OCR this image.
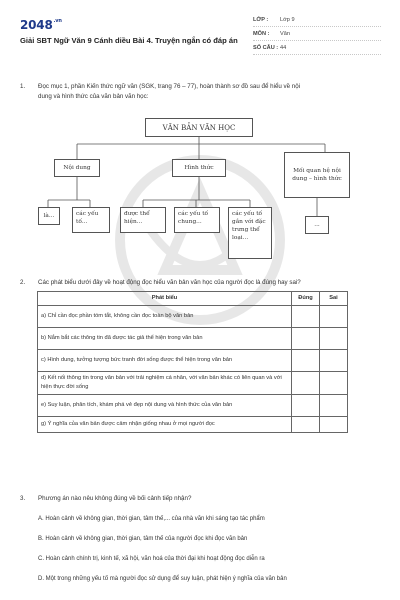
$2048^{.vn}$
Giải SBT Ngữ Văn 9 Cánh diều Bài 4. Truyện ngắn có đáp án
LỚP :	Lớp 9
MÔN :	Văn
SỐ CÂU : 44
1. Đọc mục 1, phần Kiến thức ngữ văn (SGK, trang 76 – 77), hoàn thành sơ đồ sau để hiểu về nội
dung và hình thức của văn bản văn học:
VĂN BẢN VĂN HỌC
Nội dung	Hình thức	Mối quan hệ nội dung – hình thức
là...	các yếu tố...
được thể hiện...
các yếu tố chung...
các yếu tố gắn với đặc trưng thể loại...
...
2. Các phát biểu dưới đây về hoạt động đọc hiểu văn bản văn học của người đọc là đúng hay sai?
Phát biểu	Đúng	Sai
a) Chỉ cần đọc phần tóm tắt, không cần đọc toàn bộ văn bản		
b) Nắm bắt các thông tin đã được tác giả thể hiện trong văn bản		
c) Hình dung, tưởng tượng bức tranh đời sống được thể hiện trong văn bản		
d) Kết nối thông tin trong văn bản với trải nghiệm cá nhân, với văn bản khác có liên quan và với hiện thực đời sống		
e) Suy luận, phân tích, khám phá vẻ đẹp nội dung và hình thức của văn bản		
g) Ý nghĩa của văn bản được cảm nhận giống nhau ở mọi người đọc		
3. Phương án nào nêu không đúng về bối cảnh tiếp nhận?
A. Hoàn cảnh về không gian, thời gian, tâm thế,... của nhà văn khi sáng tạo tác phẩm
B. Hoàn cảnh về không gian, thời gian, tâm thế của người đọc khi đọc văn bản
C. Hoàn cảnh chính trị, kinh tế, xã hội, văn hoá của thời đại khi hoạt động đọc diễn ra
D. Một trong những yếu tố mà người đọc sử dụng để suy luận, phát hiện ý nghĩa của văn bản
